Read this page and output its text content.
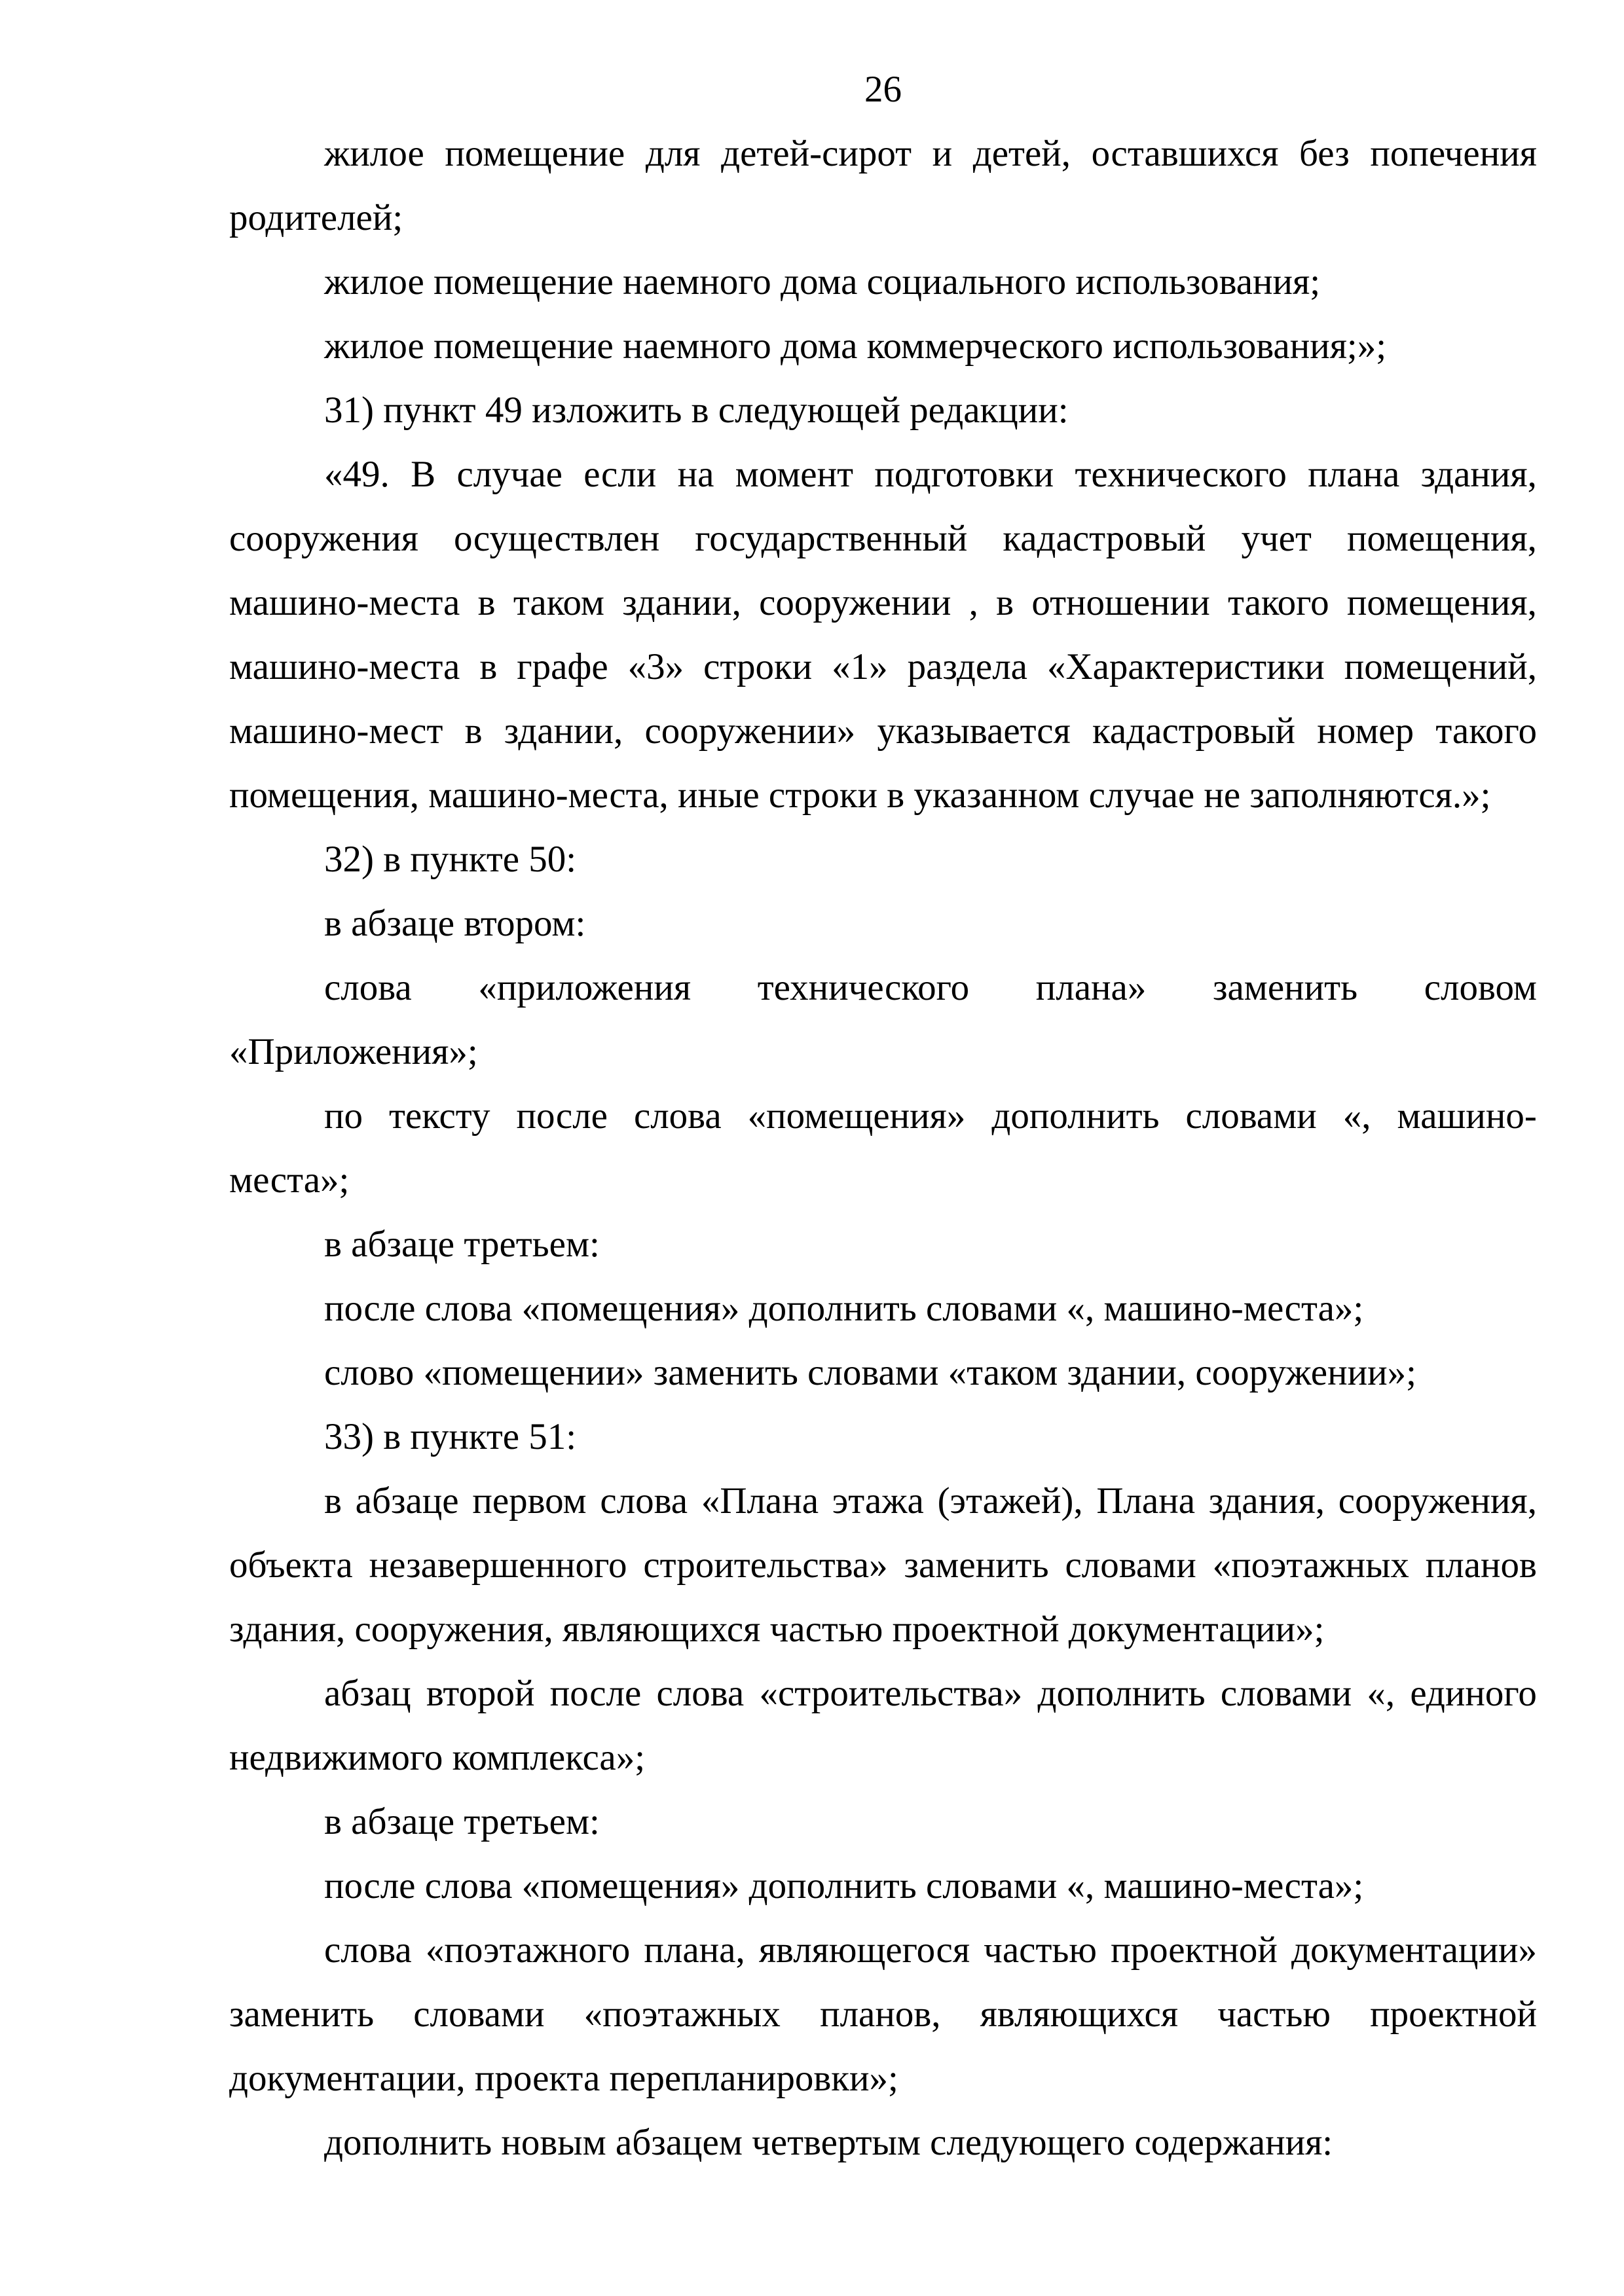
26
жилое помещение для детей-сирот и детей, оставшихся без попечения
родителей;
жилое помещение наемного дома социального использования;
жилое помещение наемного дома коммерческого использования;»;
31) пункт 49 изложить в следующей редакции:
«49. В случае если на момент подготовки технического плана здания,
сооружения осуществлен государственный кадастровый учет помещения,
машино-места в таком здании, сооружении , в отношении такого помещения,
машино-места в графе «3» строки «1» раздела «Характеристики помещений,
машино-мест в здании, сооружении» указывается кадастровый номер такого
помещения, машино-места, иные строки в указанном случае не заполняются.»;
32) в пункте 50:
в абзаце втором:
слова «приложения технического плана» заменить словом
«Приложения»;
по тексту после слова «помещения» дополнить словами «, машино-
места»;
в абзаце третьем:
после слова «помещения» дополнить словами «, машино-места»;
слово «помещении» заменить словами «таком здании, сооружении»;
33) в пункте 51:
в абзаце первом слова «Плана этажа (этажей), Плана здания, сооружения,
объекта незавершенного строительства» заменить словами «поэтажных планов
здания, сооружения, являющихся частью проектной документации»;
абзац второй после слова «строительства» дополнить словами «, единого
недвижимого комплекса»;
в абзаце третьем:
после слова «помещения» дополнить словами «, машино-места»;
слова «поэтажного плана, являющегося частью проектной документации»
заменить словами «поэтажных планов, являющихся частью проектной
документации, проекта перепланировки»;
дополнить новым абзацем четвертым следующего содержания:
